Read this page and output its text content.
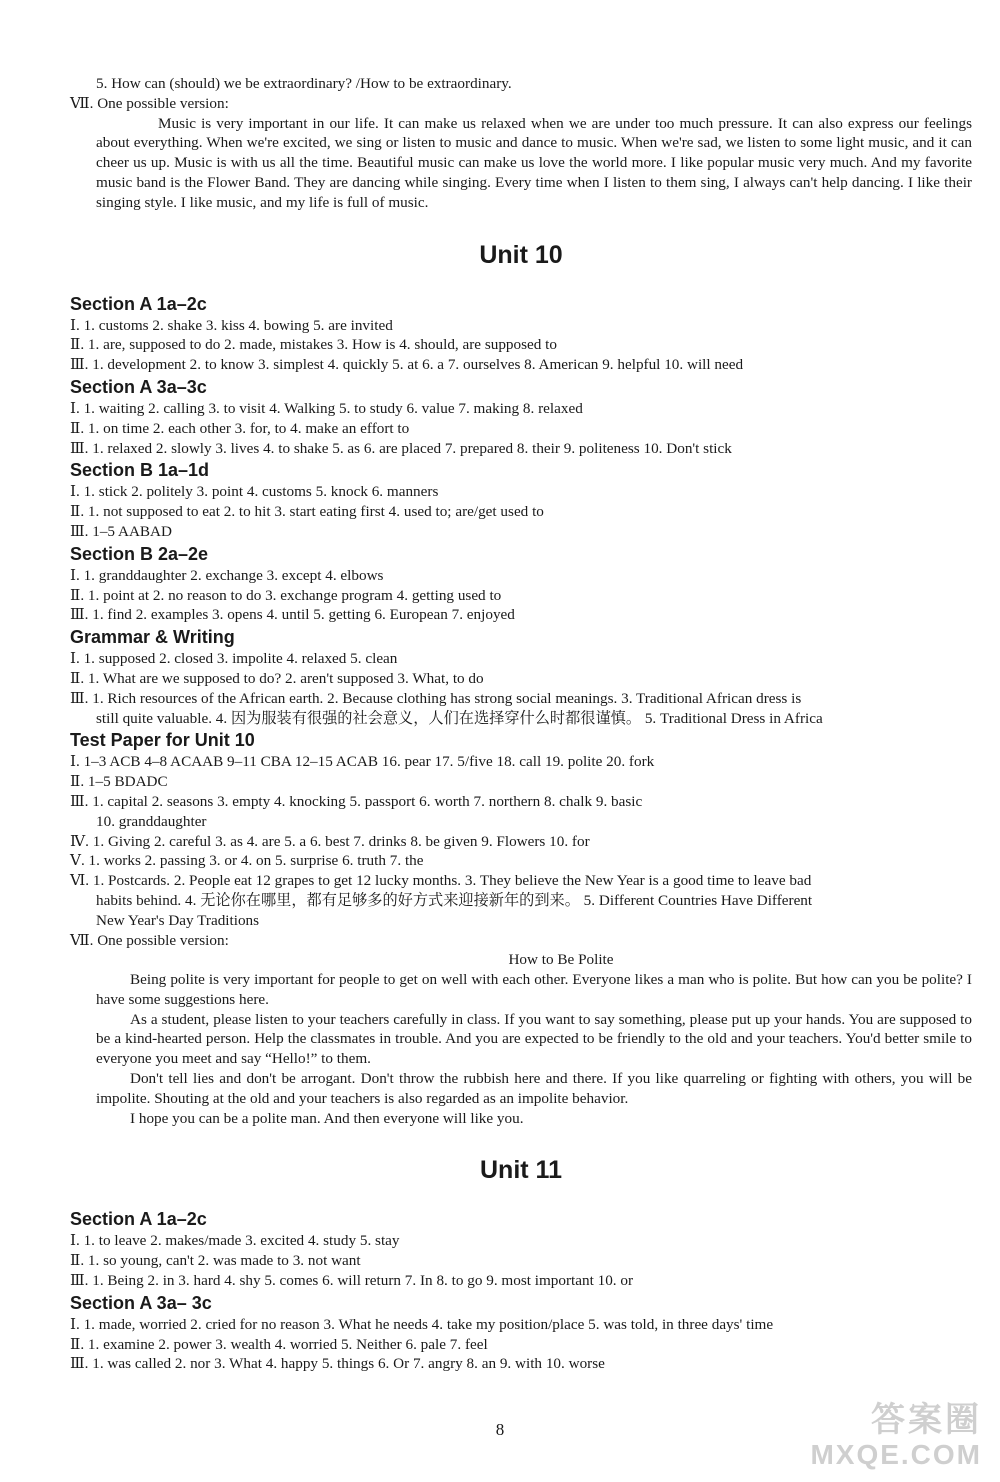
5. How can (should) we be extraordinary? /How to be extraordinary.
Ⅶ. One possible version:
Music is very important in our life. It can make us relaxed when we are under too much pressure. It can also express our feelings about everything. When we're excited, we sing or listen to music and dance to music. When we're sad, we listen to some light music, and it can cheer us up. Music is with us all the time. Beautiful music can make us love the world more. I like popular music very much. And my favorite music band is the Flower Band. They are dancing while singing. Every time when I listen to them sing, I always can't help dancing. I like their singing style. I like music, and my life is full of music.
Unit 10
Section A 1a–2c
Ⅰ. 1. customs 2. shake 3. kiss 4. bowing 5. are invited
Ⅱ. 1. are, supposed to do 2. made, mistakes 3. How is 4. should, are supposed to
Ⅲ. 1. development 2. to know 3. simplest 4. quickly 5. at 6. a 7. ourselves 8. American 9. helpful 10. will need
Section A 3a–3c
Ⅰ. 1. waiting 2. calling 3. to visit 4. Walking 5. to study 6. value 7. making 8. relaxed
Ⅱ. 1. on time 2. each other 3. for, to 4. make an effort to
Ⅲ. 1. relaxed 2. slowly 3. lives 4. to shake 5. as 6. are placed 7. prepared 8. their 9. politeness 10. Don't stick
Section B 1a–1d
Ⅰ. 1. stick 2. politely 3. point 4. customs 5. knock 6. manners
Ⅱ. 1. not supposed to eat 2. to hit 3. start eating first 4. used to; are/get used to
Ⅲ. 1–5 AABAD
Section B 2a–2e
Ⅰ. 1. granddaughter 2. exchange 3. except 4. elbows
Ⅱ. 1. point at 2. no reason to do 3. exchange program 4. getting used to
Ⅲ. 1. find 2. examples 3. opens 4. until 5. getting 6. European 7. enjoyed
Grammar & Writing
Ⅰ. 1. supposed 2. closed 3. impolite 4. relaxed 5. clean
Ⅱ. 1. What are we supposed to do? 2. aren't supposed 3. What, to do
Ⅲ. 1. Rich resources of the African earth. 2. Because clothing has strong social meanings. 3. Traditional African dress is
still quite valuable. 4. 因为服装有很强的社会意义，人们在选择穿什么时都很谨慎。 5. Traditional Dress in Africa
Test Paper for Unit 10
Ⅰ. 1–3 ACB 4–8 ACAAB 9–11 CBA 12–15 ACAB 16. pear 17. 5/five 18. call 19. polite 20. fork
Ⅱ. 1–5 BDADC
Ⅲ. 1. capital 2. seasons 3. empty 4. knocking 5. passport 6. worth 7. northern 8. chalk 9. basic
10. granddaughter
Ⅳ. 1. Giving 2. careful 3. as 4. are 5. a 6. best 7. drinks 8. be given 9. Flowers 10. for
Ⅴ. 1. works 2. passing 3. or 4. on 5. surprise 6. truth 7. the
Ⅵ. 1. Postcards. 2. People eat 12 grapes to get 12 lucky months. 3. They believe the New Year is a good time to leave bad
habits behind. 4. 无论你在哪里，都有足够多的好方式来迎接新年的到来。 5. Different Countries Have Different
New Year's Day Traditions
Ⅶ. One possible version:
How to Be Polite
Being polite is very important for people to get on well with each other. Everyone likes a man who is polite. But how can you be polite? I have some suggestions here.
As a student, please listen to your teachers carefully in class. If you want to say something, please put up your hands. You are supposed to be a kind-hearted person. Help the classmates in trouble. And you are expected to be friendly to the old and your teachers. You'd better smile to everyone you meet and say “Hello!” to them.
Don't tell lies and don't be arrogant. Don't throw the rubbish here and there. If you like quarreling or fighting with others, you will be impolite. Shouting at the old and your teachers is also regarded as an impolite behavior.
I hope you can be a polite man. And then everyone will like you.
Unit 11
Section A 1a–2c
Ⅰ. 1. to leave 2. makes/made 3. excited 4. study 5. stay
Ⅱ. 1. so young, can't 2. was made to 3. not want
Ⅲ. 1. Being 2. in 3. hard 4. shy 5. comes 6. will return 7. In 8. to go 9. most important 10. or
Section A 3a– 3c
Ⅰ. 1. made, worried 2. cried for no reason 3. What he needs 4. take my position/place 5. was told, in three days' time
Ⅱ. 1. examine 2. power 3. wealth 4. worried 5. Neither 6. pale 7. feel
Ⅲ. 1. was called 2. nor 3. What 4. happy 5. things 6. Or 7. angry 8. an 9. with 10. worse
8	答案圈
MXQE.COM
